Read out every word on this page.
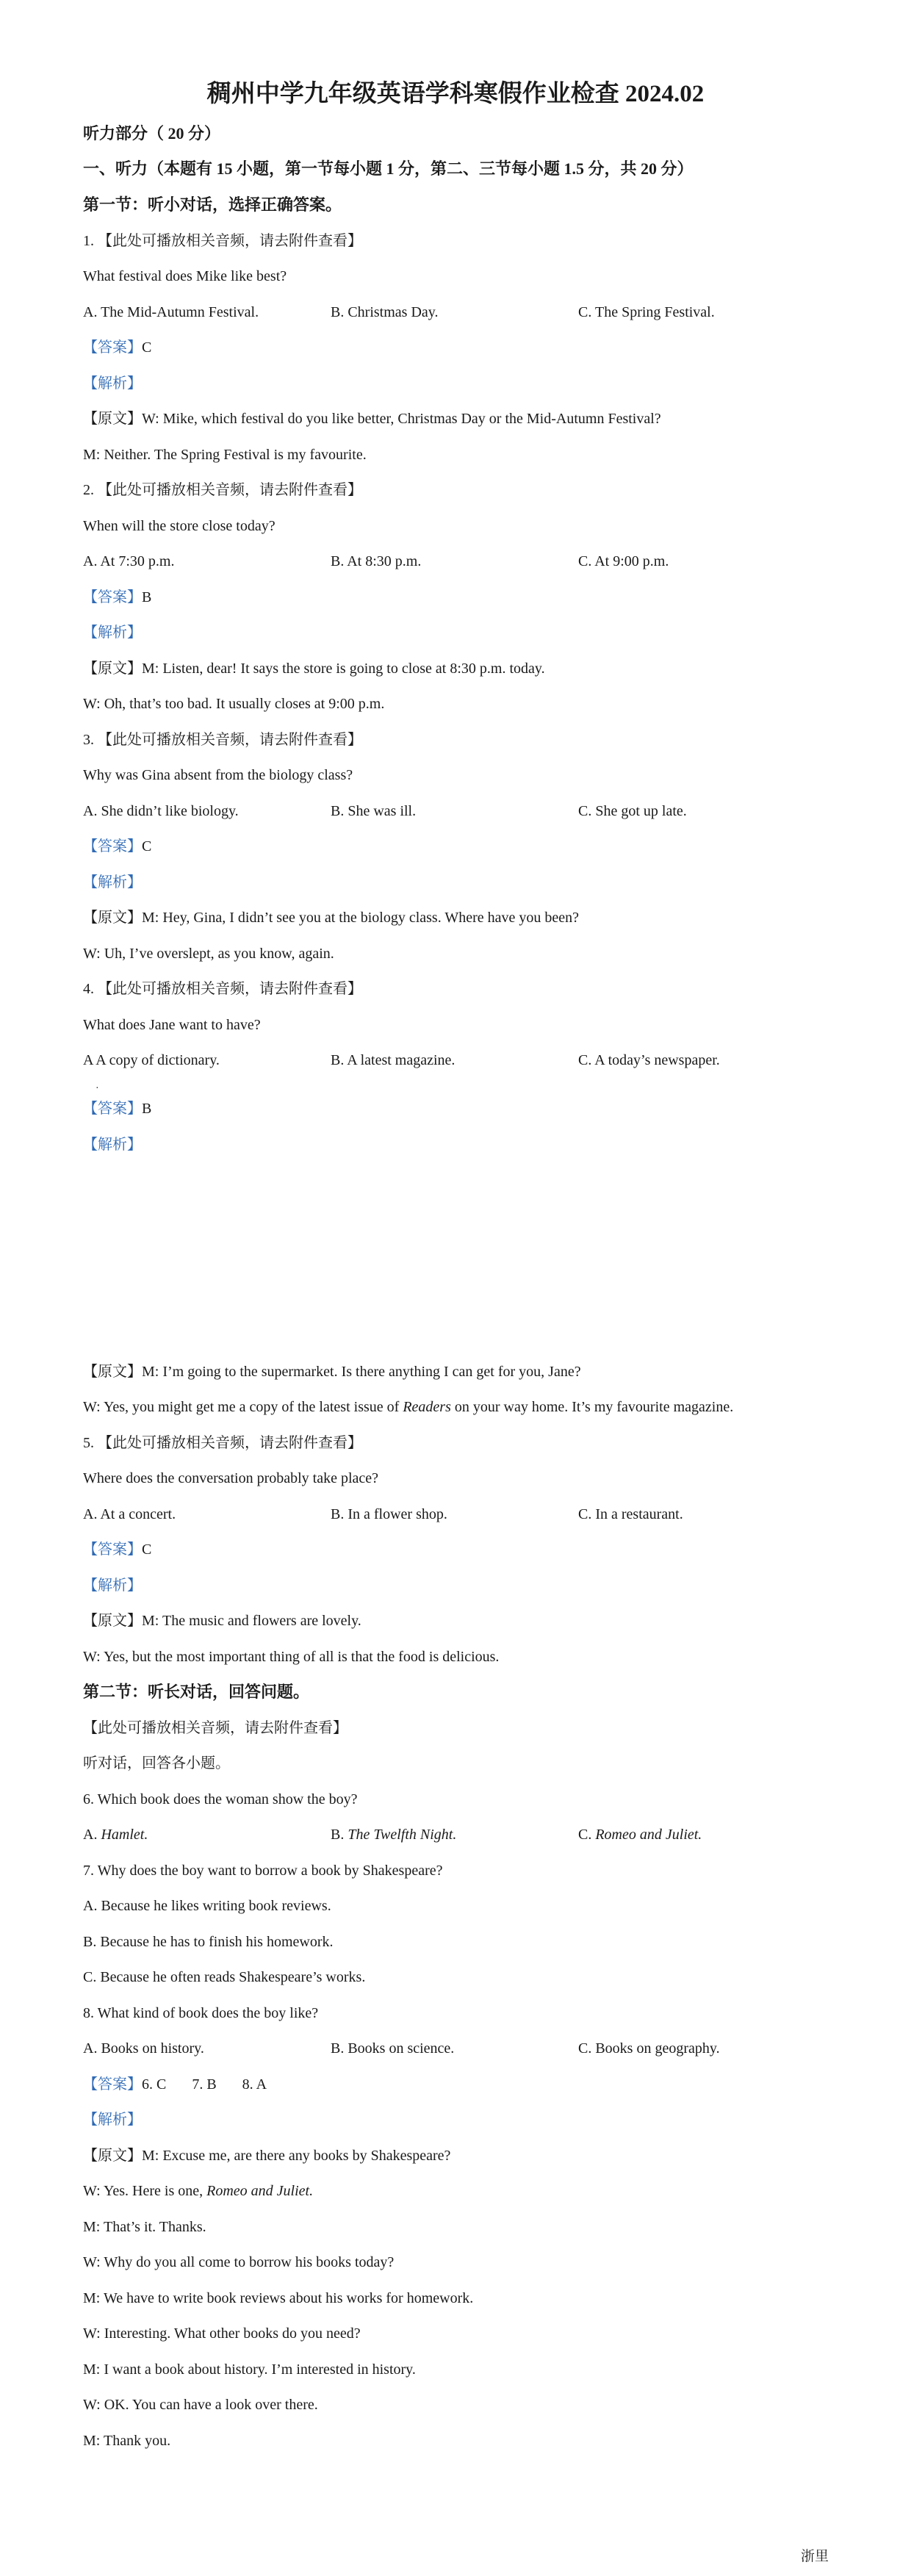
稠州中学九年级英语学科寒假作业检查 2024.02
听力部分（ 20 分）
一、听力（本题有 15 小题，第一节每小题 1 分，第二、三节每小题 1.5 分，共 20 分）
第一节：听小对话，选择正确答案。
1. 【此处可播放相关音频，请去附件查看】
What festival does Mike like best?
A. The Mid-Autumn Festival.	B. Christmas Day.	C. The Spring Festival.
【答案】C
【解析】
【原文】W: Mike, which festival do you like better, Christmas Day or the Mid-Autumn Festival?
M: Neither. The Spring Festival is my favourite.
2. 【此处可播放相关音频，请去附件查看】
When will the store close today?
A. At 7:30 p.m.	B. At 8:30 p.m.	C. At 9:00 p.m.
【答案】B
【解析】
【原文】M: Listen, dear! It says the store is going to close at 8:30 p.m. today.
W: Oh, that’s too bad. It usually closes at 9:00 p.m.
3. 【此处可播放相关音频，请去附件查看】
Why was Gina absent from the biology class?
A. She didn’t like biology.	B. She was ill.	C. She got up late.
【答案】C
【解析】
【原文】M: Hey, Gina, I didn’t see you at the biology class. Where have you been?
W: Uh, I’ve overslept, as you know, again.
4. 【此处可播放相关音频，请去附件查看】
What does Jane want to have?
A A copy of dictionary.
·
B. A latest magazine.	C. A today’s newspaper.
【答案】B
【解析】
【原文】M: I’m going to the supermarket. Is there anything I can get for you, Jane?
W: Yes, you might get me a copy of the latest issue of Readers on your way home. It’s my favourite magazine.
5. 【此处可播放相关音频，请去附件查看】
Where does the conversation probably take place?
A. At a concert.	B. In a flower shop.	C. In a restaurant.
【答案】C
【解析】
【原文】M: The music and flowers are lovely.
W: Yes, but the most important thing of all is that the food is delicious.
第二节：听长对话，回答问题。
【此处可播放相关音频，请去附件查看】
听对话，回答各小题。
6. Which book does the woman show the boy?
A. Hamlet.	B. The Twelfth Night.	C. Romeo and Juliet.
7. Why does the boy want to borrow a book by Shakespeare?
A. Because he likes writing book reviews.
B. Because he has to finish his homework.
C. Because he often reads Shakespeare’s works.
8. What kind of book does the boy like?
A. Books on history.	B. Books on science.	C. Books on geography.
【答案】6. C       7. B       8. A
【解析】
【原文】M: Excuse me, are there any books by Shakespeare?
W: Yes. Here is one, Romeo and Juliet.
M: That’s it. Thanks.
W: Why do you all come to borrow his books today?
M: We have to write book reviews about his works for homework.
W: Interesting. What other books do you need?
M: I want a book about history. I’m interested in history.
W: OK. You can have a look over there.
M: Thank you.
浙里
